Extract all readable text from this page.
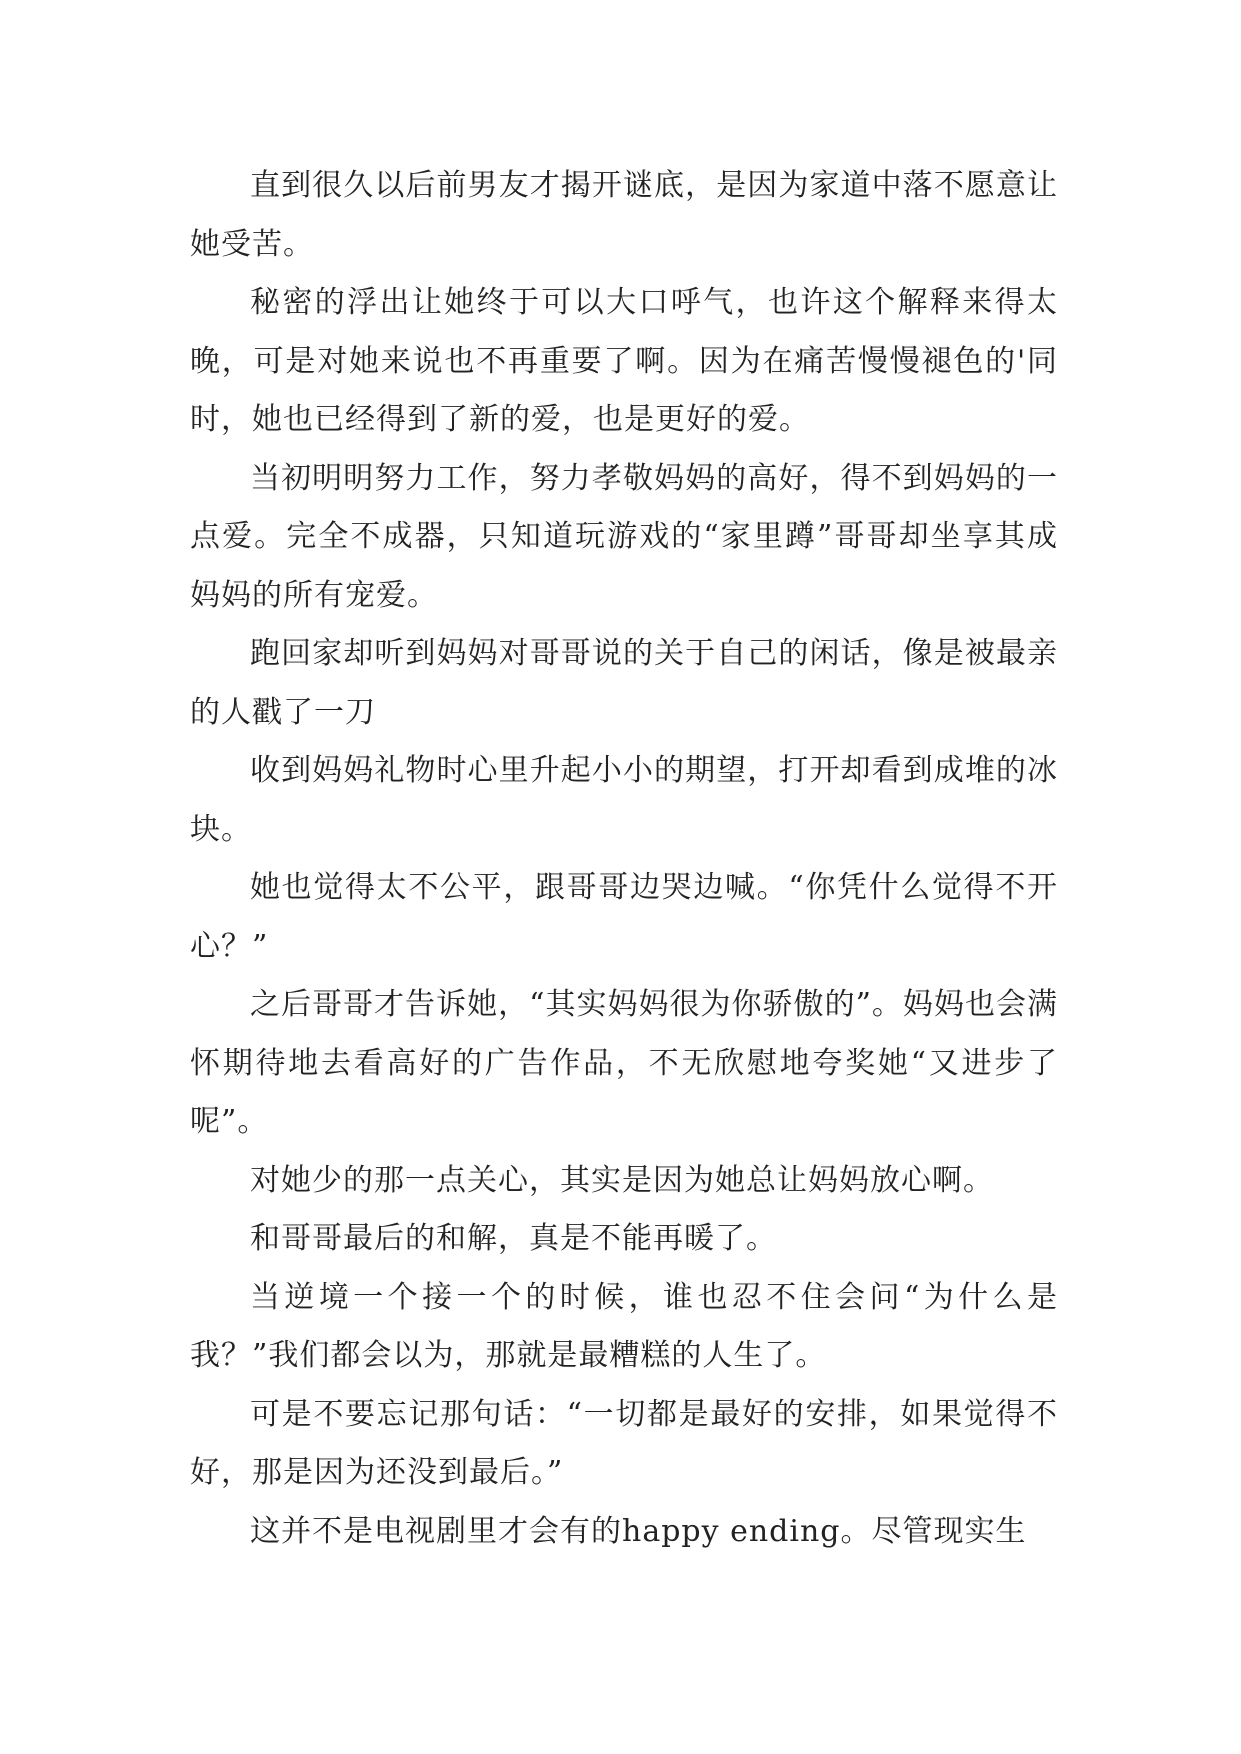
直到很久以后前男友才揭开谜底，是因为家道中落不愿意让她受苦。

秘密的浮出让她终于可以大口呼气，也许这个解释来得太晚，可是对她来说也不再重要了啊。因为在痛苦慢慢褪色的'同时，她也已经得到了新的爱，也是更好的爱。

当初明明努力工作，努力孝敬妈妈的高好，得不到妈妈的一点爱。完全不成器，只知道玩游戏的“家里蹲”哥哥却坐享其成妈妈的所有宠爱。

跑回家却听到妈妈对哥哥说的关于自己的闲话，像是被最亲的人戳了一刀

收到妈妈礼物时心里升起小小的期望，打开却看到成堆的冰块。

她也觉得太不公平，跟哥哥边哭边喊。“你凭什么觉得不开心？”

之后哥哥才告诉她，“其实妈妈很为你骄傲的”。妈妈也会满怀期待地去看高好的广告作品，不无欣慰地夸奖她“又进步了呢”。

对她少的那一点关心，其实是因为她总让妈妈放心啊。

和哥哥最后的和解，真是不能再暖了。

当逆境一个接一个的时候，谁也忍不住会问“为什么是我？”我们都会以为，那就是最糟糕的人生了。

可是不要忘记那句话：“一切都是最好的安排，如果觉得不好，那是因为还没到最后。”

这并不是电视剧里才会有的happy ending。尽管现实生
